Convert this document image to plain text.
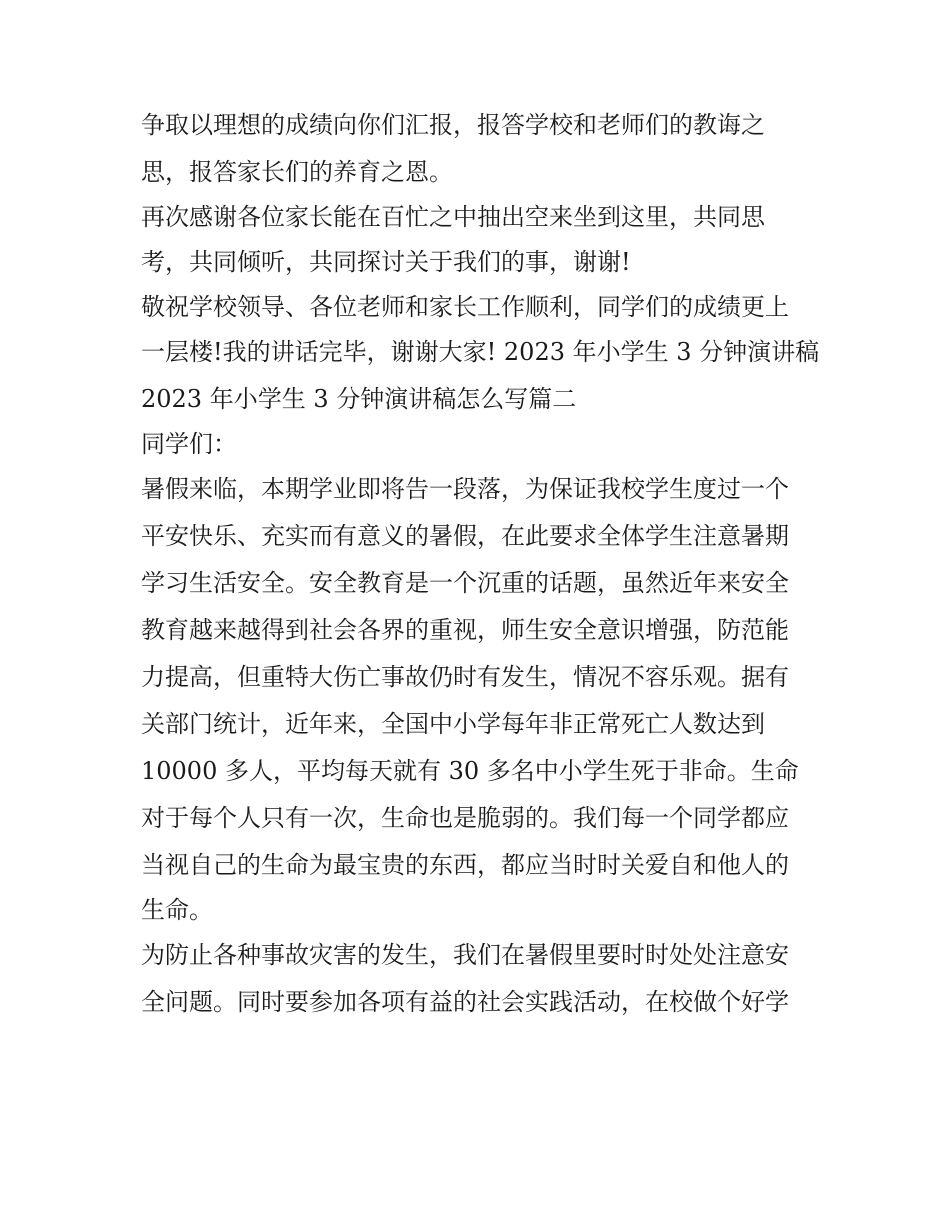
争取以理想的成绩向你们汇报，报答学校和老师们的教诲之
思，报答家长们的养育之恩。
再次感谢各位家长能在百忙之中抽出空来坐到这里，共同思
考，共同倾听，共同探讨关于我们的事，谢谢!
敬祝学校领导、各位老师和家长工作顺利，同学们的成绩更上
一层楼!我的讲话完毕，谢谢大家! 2023 年小学生 3 分钟演讲稿
2023 年小学生 3 分钟演讲稿怎么写篇二
同学们：
暑假来临，本期学业即将告一段落，为保证我校学生度过一个
平安快乐、充实而有意义的暑假，在此要求全体学生注意暑期
学习生活安全。安全教育是一个沉重的话题，虽然近年来安全
教育越来越得到社会各界的重视，师生安全意识增强，防范能
力提高，但重特大伤亡事故仍时有发生，情况不容乐观。据有
关部门统计，近年来，全国中小学每年非正常死亡人数达到
10000 多人，平均每天就有 30 多名中小学生死于非命。生命
对于每个人只有一次，生命也是脆弱的。我们每一个同学都应
当视自己的生命为最宝贵的东西，都应当时时关爱自和他人的
生命。
为防止各种事故灾害的发生，我们在暑假里要时时处处注意安
全问题。同时要参加各项有益的社会实践活动，在校做个好学
